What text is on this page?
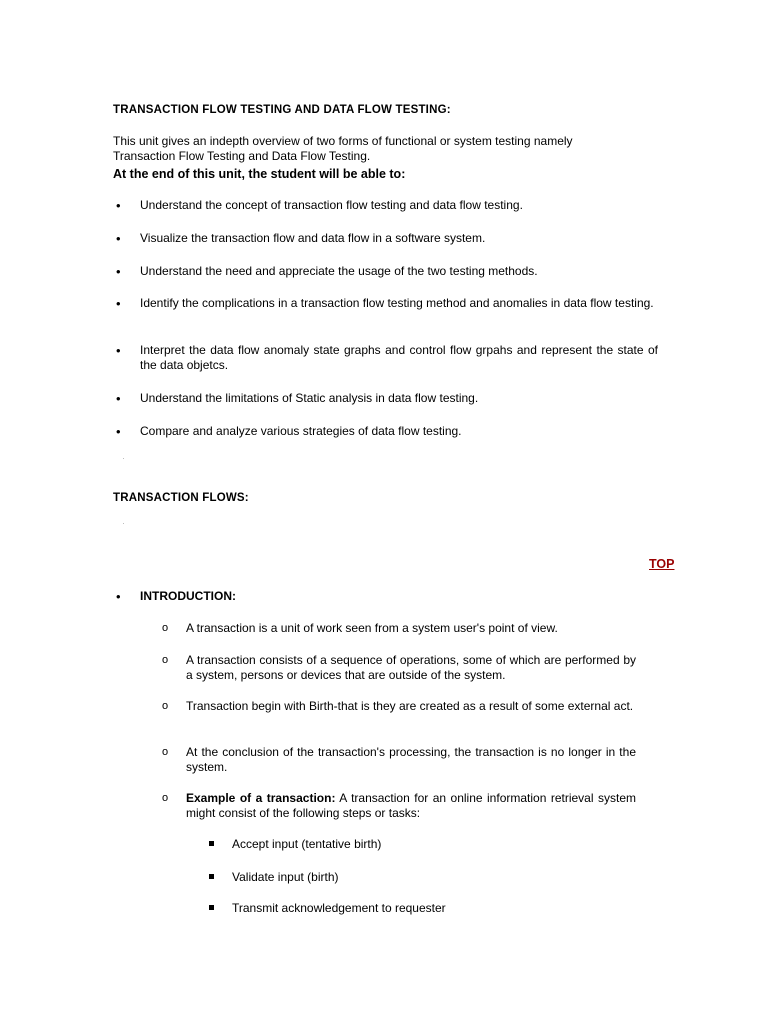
TRANSACTION FLOW TESTING AND DATA FLOW TESTING:
This unit gives an indepth overview of two forms of functional or system testing namely Transaction Flow Testing and Data Flow Testing.
At the end of this unit, the student will be able to:
• Understand the concept of transaction flow testing and data flow testing.
• Visualize the transaction flow and data flow in a software system.
• Understand the need and appreciate the usage of the two testing methods.
• Identify the complications in a transaction flow testing method and anomalies in data flow testing.
• Interpret the data flow anomaly state graphs and control flow grpahs and represent the state of the data objetcs.
• Understand the limitations of Static analysis in data flow testing.
• Compare and analyze various strategies of data flow testing.
TRANSACTION FLOWS:
TOP
• INTRODUCTION:
o A transaction is a unit of work seen from a system user's point of view.
o A transaction consists of a sequence of operations, some of which are performed by a system, persons or devices that are outside of the system.
o Transaction begin with Birth-that is they are created as a result of some external act.
o At the conclusion of the transaction's processing, the transaction is no longer in the system.
o Example of a transaction: A transaction for an online information retrieval system might consist of the following steps or tasks:
Accept input (tentative birth)
Validate input (birth)
Transmit acknowledgement to requester
